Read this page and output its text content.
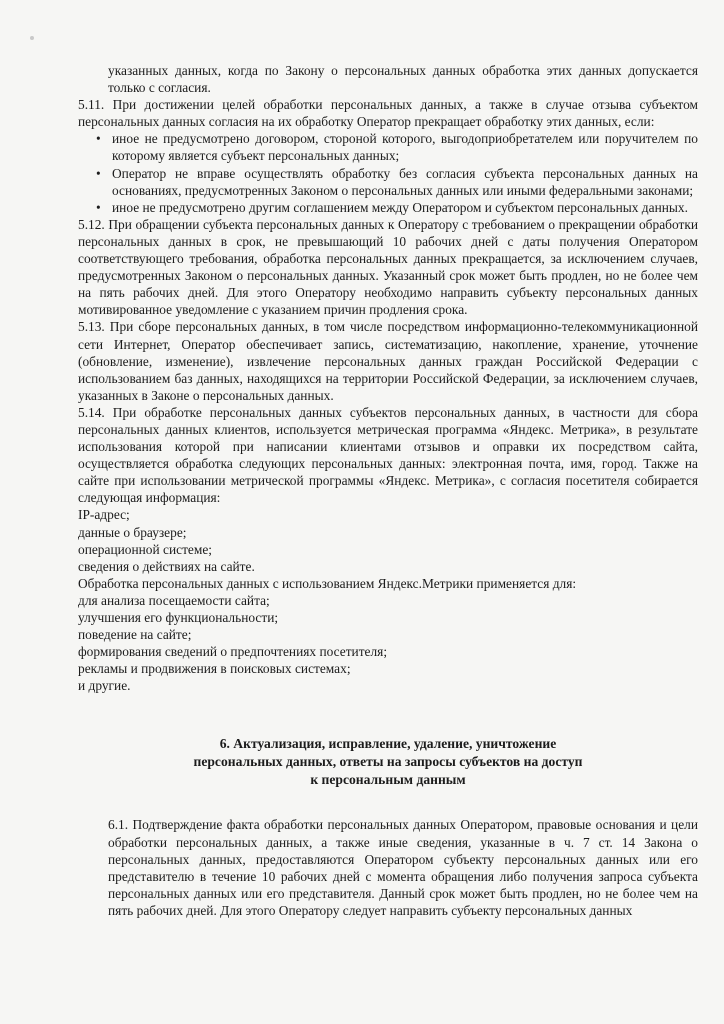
указанных данных, когда по Закону о персональных данных обработка этих данных допускается только с согласия.

5.11. При достижении целей обработки персональных данных, а также в случае отзыва субъектом персональных данных согласия на их обработку Оператор прекращает обработку этих данных, если:

• иное не предусмотрено договором, стороной которого, выгодоприобретателем или поручителем по которому является субъект персональных данных;
• Оператор не вправе осуществлять обработку без согласия субъекта персональных данных на основаниях, предусмотренных Законом о персональных данных или иными федеральными законами;
• иное не предусмотрено другим соглашением между Оператором и субъектом персональных данных.

5.12. При обращении субъекта персональных данных к Оператору с требованием о прекращении обработки персональных данных в срок, не превышающий 10 рабочих дней с даты получения Оператором соответствующего требования, обработка персональных данных прекращается, за исключением случаев, предусмотренных Законом о персональных данных. Указанный срок может быть продлен, но не более чем на пять рабочих дней. Для этого Оператору необходимо направить субъекту персональных данных мотивированное уведомление с указанием причин продления срока.

5.13. При сборе персональных данных, в том числе посредством информационно-телекоммуникационной сети Интернет, Оператор обеспечивает запись, систематизацию, накопление, хранение, уточнение (обновление, изменение), извлечение персональных данных граждан Российской Федерации с использованием баз данных, находящихся на территории Российской Федерации, за исключением случаев, указанных в Законе о персональных данных.

5.14. При обработке персональных данных субъектов персональных данных, в частности для сбора персональных данных клиентов, используется метрическая программа «Яндекс. Метрика», в результате использования которой при написании клиентами отзывов и оправки их посредством сайта, осуществляется обработка следующих персональных данных: электронная почта, имя, город. Также на сайте при использовании метрической программы «Яндекс. Метрика», с согласия посетителя собирается следующая информация:

IP-адрес;

данные о браузере;

операционной системе;

сведения о действиях на сайте.

Обработка персональных данных с использованием Яндекс.Метрики применяется для:

для анализа посещаемости сайта;

улучшения его функциональности;

поведение на сайте;

формирования сведений о предпочтениях посетителя;

рекламы и продвижения в поисковых системах;

и другие.

6. Актуализация, исправление, удаление, уничтожение
персональных данных, ответы на запросы субъектов на доступ
к персональным данным

6.1. Подтверждение факта обработки персональных данных Оператором, правовые основания и цели обработки персональных данных, а также иные сведения, указанные в ч. 7 ст. 14 Закона о персональных данных, предоставляются Оператором субъекту персональных данных или его представителю в течение 10 рабочих дней с момента обращения либо получения запроса субъекта персональных данных или его представителя. Данный срок может быть продлен, но не более чем на пять рабочих дней. Для этого Оператору следует направить субъекту персональных данных
